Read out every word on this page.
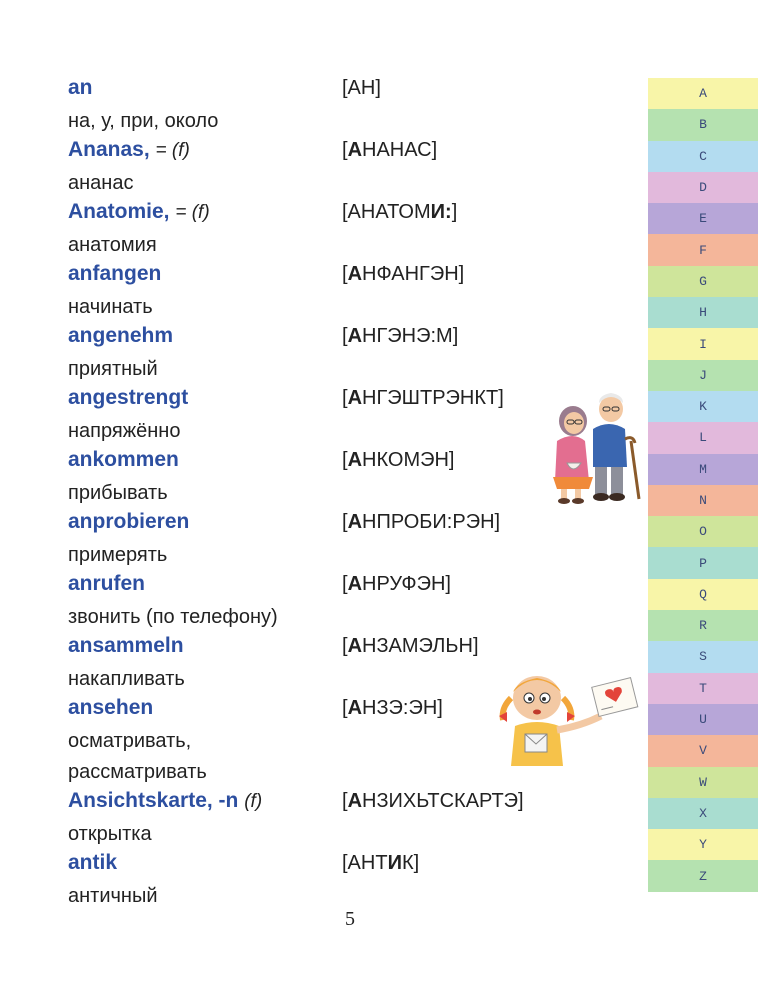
an
на, у, при, около
[АН]
Ananas, = (f)
ананас
[АНАНАС]
Anatomie, = (f)
анатомия
[АНАТОМИ:]
anfangen
начинать
[АНФАНГЭН]
angenehm
приятный
[АНГЭНЭ:М]
angestrengt
напряжённо
[АНГЭШТРЭНКТ]
ankommen
прибывать
[АНКОМЭН]
anprobieren
примерять
[АНПРОБИ:РЭН]
anrufen
звонить (по телефону)
[АНРУФЭН]
ansammeln
накапливать
[АНЗАМЭЛЬН]
ansehen
осматривать,
рассматривать
[АНЗЭ:ЭН]
Ansichtskarte, -n (f)
открытка
[АНЗИХЬТСКАРТЭ]
antik
античный
[АНТИК]
A
B
C
D
E
F
G
H
I
J
K
L
M
N
O
P
Q
R
S
T
U
V
W
X
Y
Z
5
